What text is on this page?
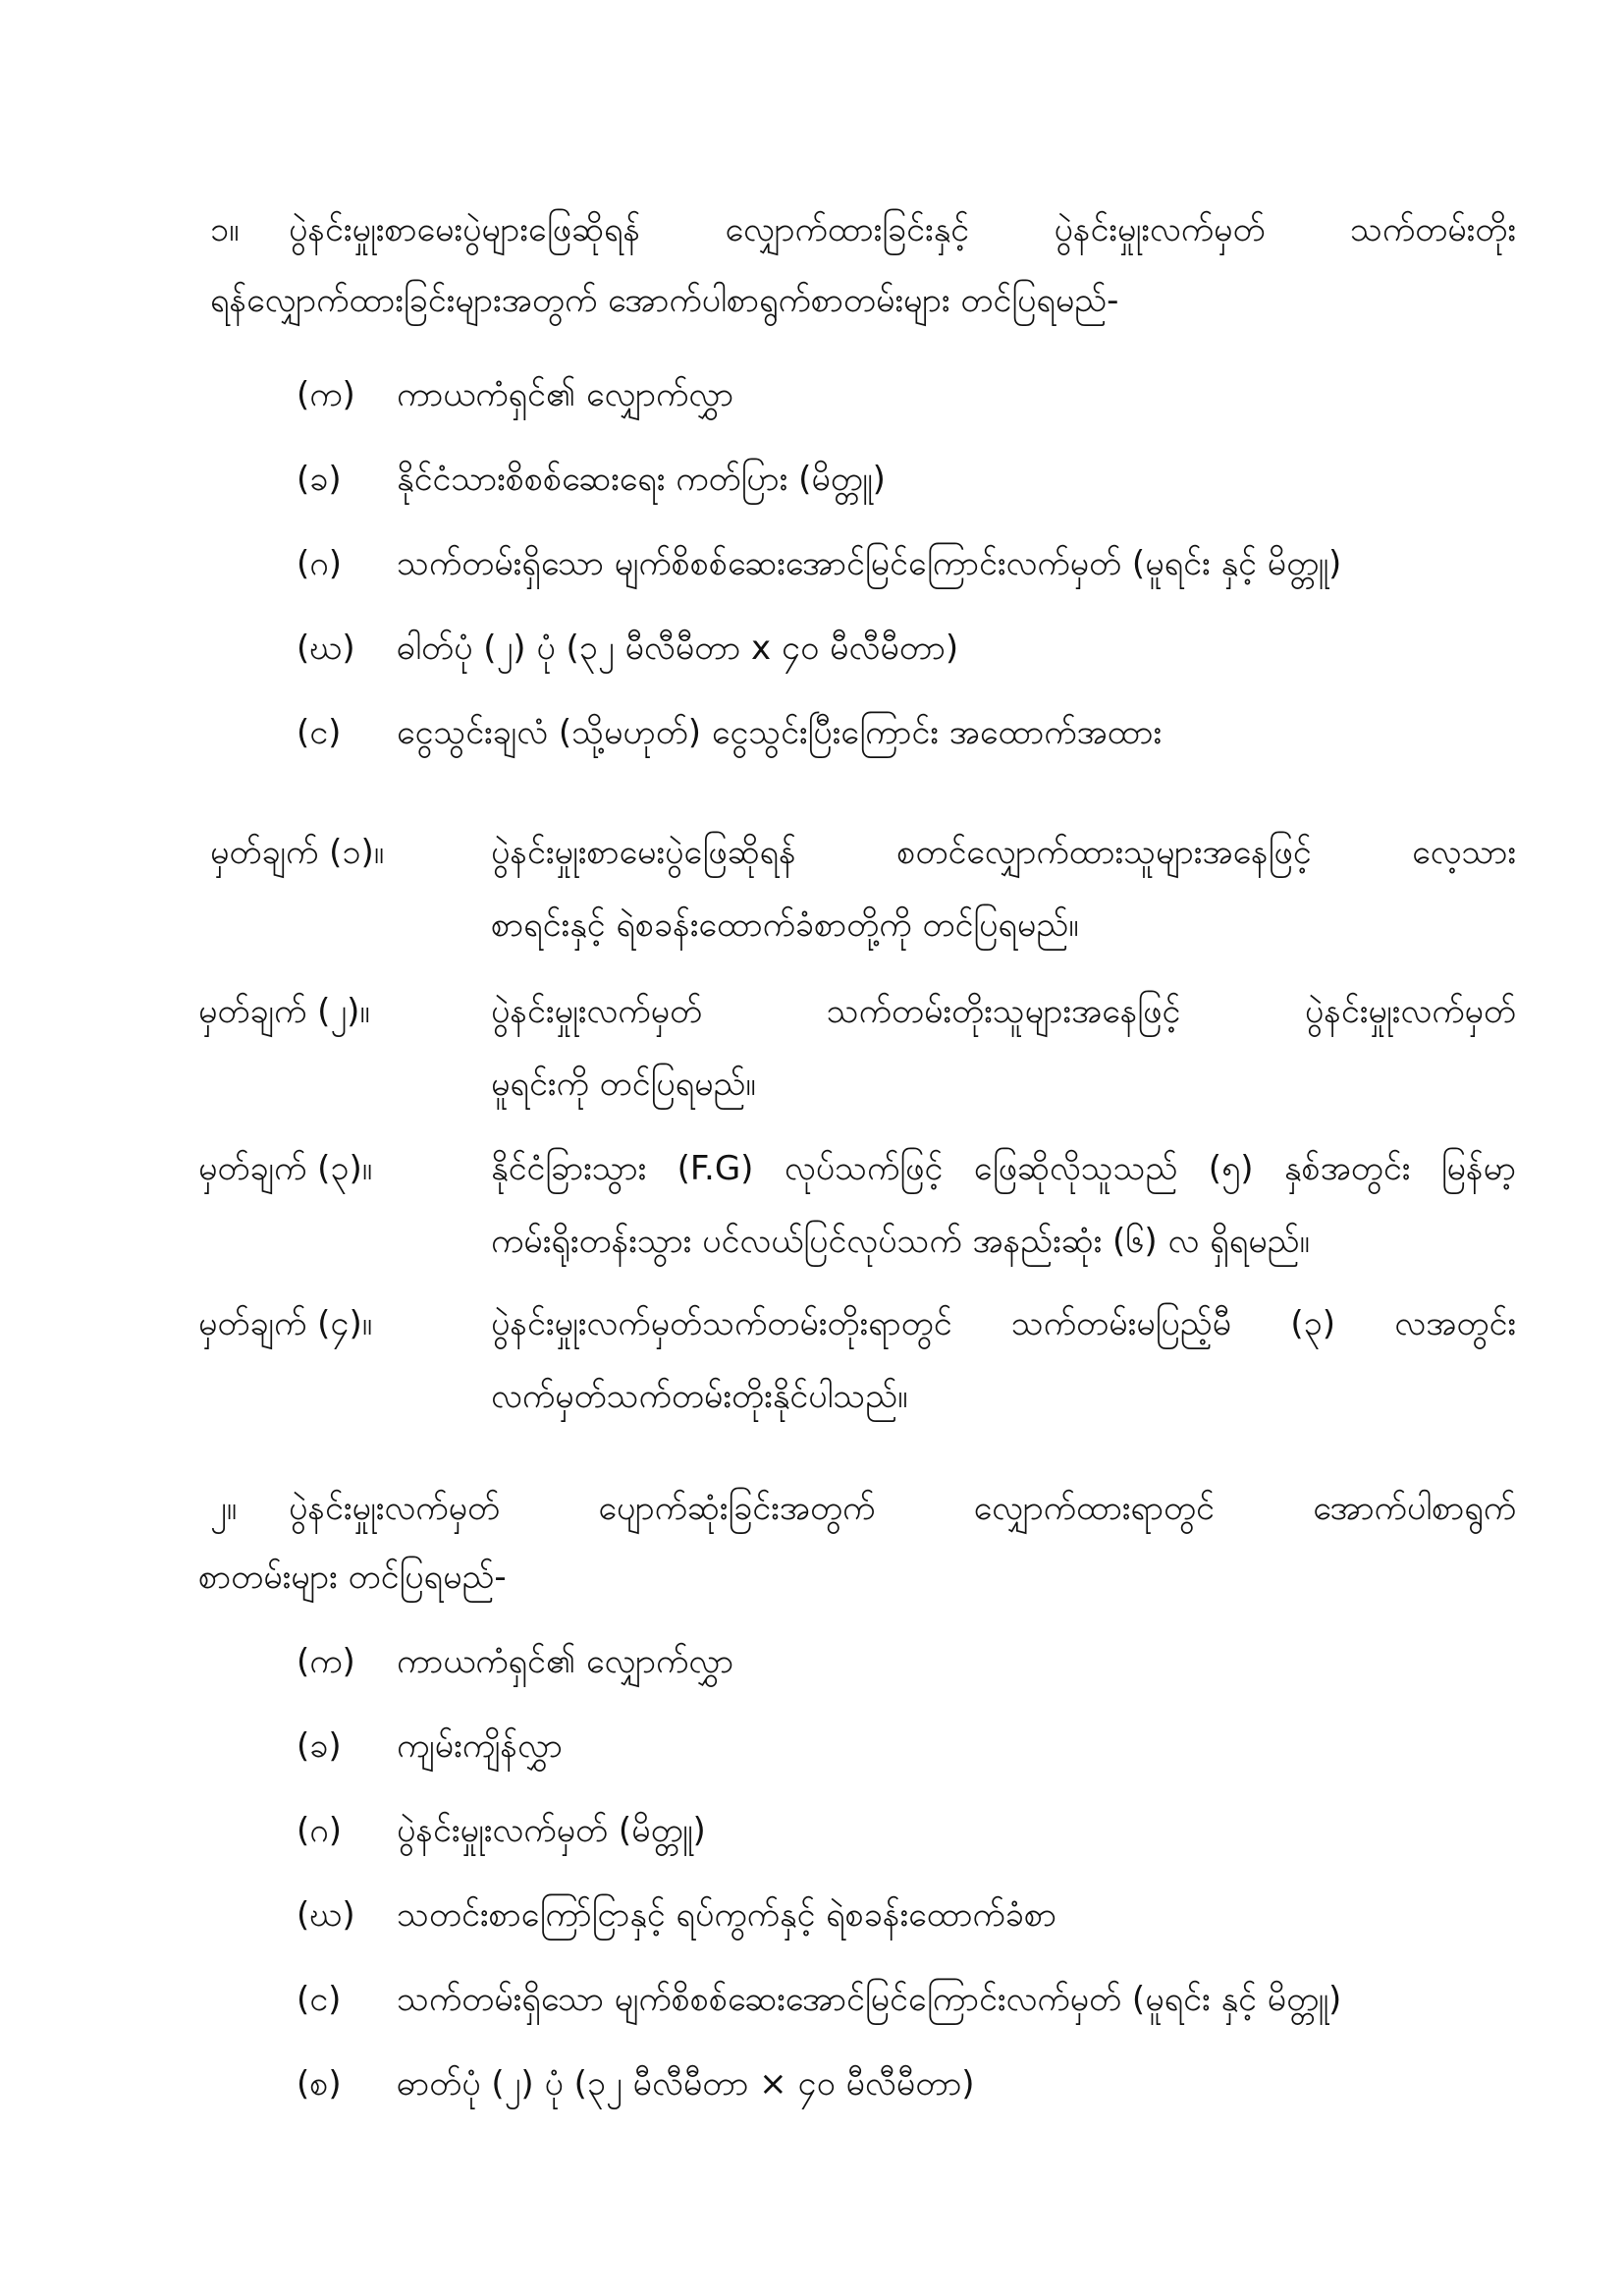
၁။ ပွဲနင်းမှုုးစာမေးပွဲများဖြေဆိုရန် လျှောက်ထားခြင်းနှင့် ပွဲနင်းမှုုးလက်မှတ် သက်တမ်းတိုး
ရန်လျှောက်ထားခြင်းများအတွက် အောက်ပါစာရွက်စာတမ်းများ တင်ပြရမည်-
(က) ကာယကံရှင်၏ လျှောက်လွှာ
(ခ) နိုင်ငံသားစိစစ်ဆေးရေး ကတ်ပြား (မိတ္တူ)
(ဂ) သက်တမ်းရှိသော မျက်စိစစ်ဆေးအောင်မြင်ကြောင်းလက်မှတ် (မူရင်း နှင့် မိတ္တူ)
(ဃ) ဓါတ်ပုံ (၂) ပုံ (၃၂ မီလီမီတာ x ၄၀ မီလီမီတာ)
(င) ငွေသွင်းချလံ (သို့မဟုတ်) ငွေသွင်းပြီးကြောင်း အထောက်အထား
မှတ်ချက် (၁)။	ပွဲနင်းမှုုးစာမေးပွဲဖြေဆိုရန် စတင်လျှောက်ထားသူများအနေဖြင့် လေ့သား
စာရင်းနှင့် ရဲစခန်းထောက်ခံစာတို့ကို တင်ပြရမည်။
မှတ်ချက် (၂)။	ပွဲနင်းမှုုးလက်မှတ် သက်တမ်းတိုးသူများအနေဖြင့် ပွဲနင်းမှုုးလက်မှတ်
မူရင်းကို တင်ပြရမည်။
မှတ်ချက် (၃)။	နိုင်ငံခြားသွား (F.G) လုပ်သက်ဖြင့် ဖြေဆိုလိုသူသည် (၅) နှစ်အတွင်း မြန်မာ့
ကမ်းရိုးတန်းသွား ပင်လယ်ပြင်လုပ်သက် အနည်းဆုံး (၆) လ ရှိရမည်။
မှတ်ချက် (၄)။	ပွဲနင်းမှုုးလက်မှတ်သက်တမ်းတိုးရာတွင် သက်တမ်းမပြည့်မီ (၃) လအတွင်း
လက်မှတ်သက်တမ်းတိုးနိုင်ပါသည်။
၂။ ပွဲနင်းမှုုးလက်မှတ် ပျောက်ဆုံးခြင်းအတွက် လျှောက်ထားရာတွင် အောက်ပါစာရွက်
စာတမ်းများ တင်ပြရမည်-
(က) ကာယကံရှင်၏ လျှောက်လွှာ
(ခ) ကျမ်းကျိန်လွှာ
(ဂ) ပွဲနင်းမှုုးလက်မှတ် (မိတ္တူ)
(ဃ) သတင်းစာကြော်ငြာနှင့် ရပ်ကွက်နှင့် ရဲစခန်းထောက်ခံစာ
(င) သက်တမ်းရှိသော မျက်စိစစ်ဆေးအောင်မြင်ကြောင်းလက်မှတ် (မူရင်း နှင့် မိတ္တူ)
(စ) ဓာတ်ပုံ (၂) ပုံ (၃၂ မီလီမီတာ × ၄၀ မီလီမီတာ)
